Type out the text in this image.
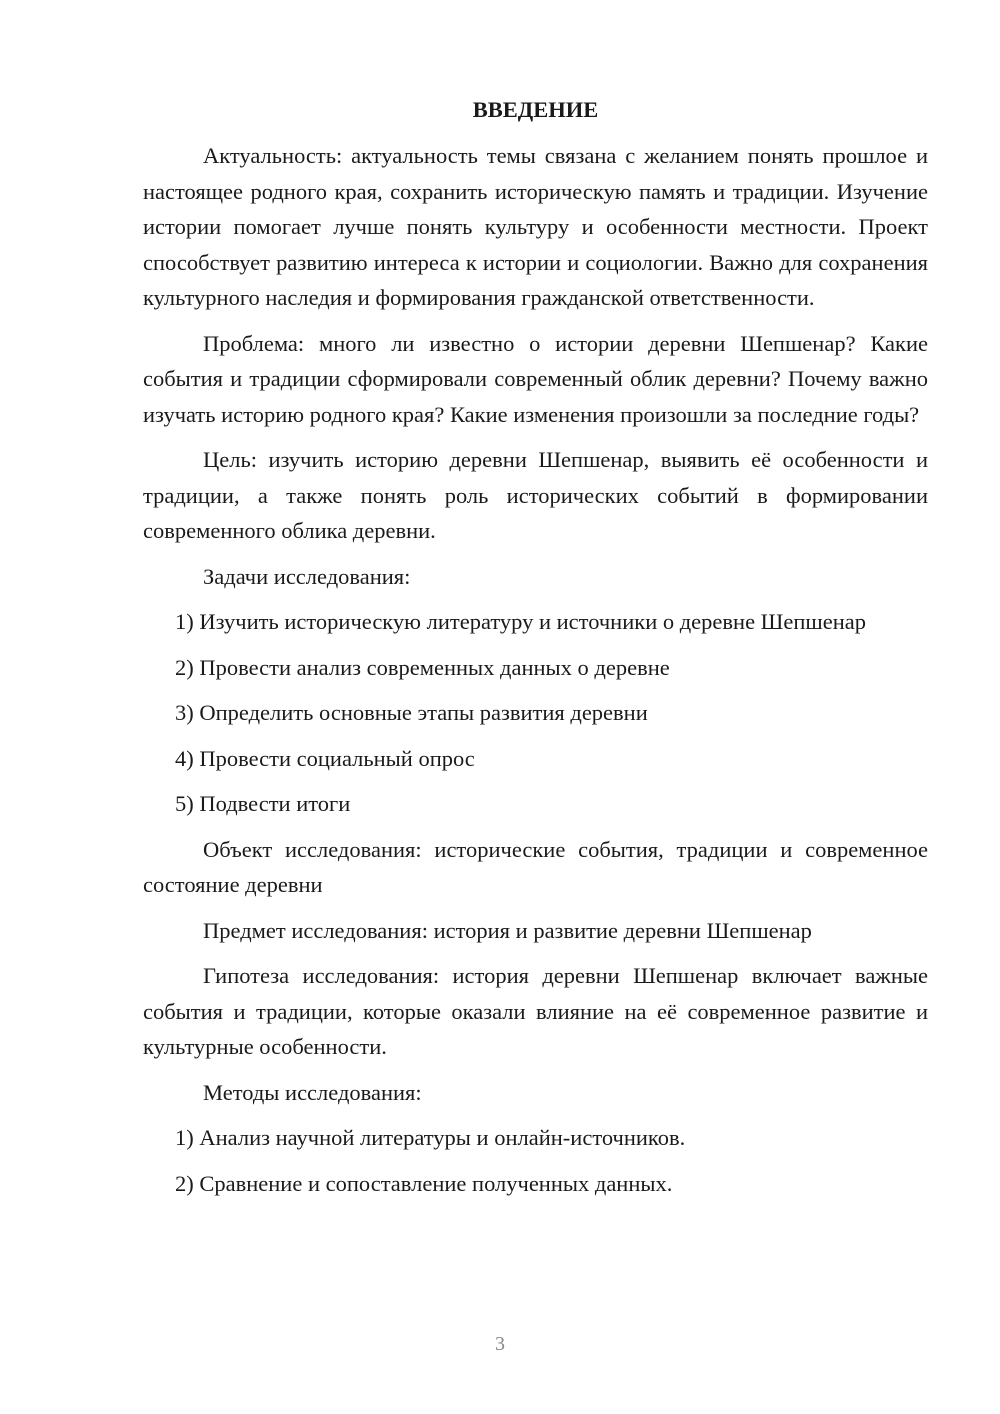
ВВЕДЕНИЕ

Актуальность: актуальность темы связана с желанием понять прошлое и настоящее родного края, сохранить историческую память и традиции. Изучение истории помогает лучше понять культуру и особенности местности. Проект способствует развитию интереса к истории и социологии. Важно для сохранения культурного наследия и формирования гражданской ответственности.

Проблема: много ли известно о истории деревни Шепшенар? Какие события и традиции сформировали современный облик деревни? Почему важно изучать историю родного края? Какие изменения произошли за последние годы?

Цель: изучить историю деревни Шепшенар, выявить её особенности и традиции, а также понять роль исторических событий в формировании современного облика деревни.

Задачи исследования:

1) Изучить историческую литературу и источники о деревне Шепшенар

2) Провести анализ современных данных о деревне

3) Определить основные этапы развития деревни

4) Провести социальный опрос

5) Подвести итоги

Объект исследования: исторические события, традиции и современное состояние деревни

Предмет исследования: история и развитие деревни Шепшенар

Гипотеза исследования: история деревни Шепшенар включает важные события и традиции, которые оказали влияние на её современное развитие и культурные особенности.

Методы исследования:

1) Анализ научной литературы и онлайн-источников.

2) Сравнение и сопоставление полученных данных.

3
